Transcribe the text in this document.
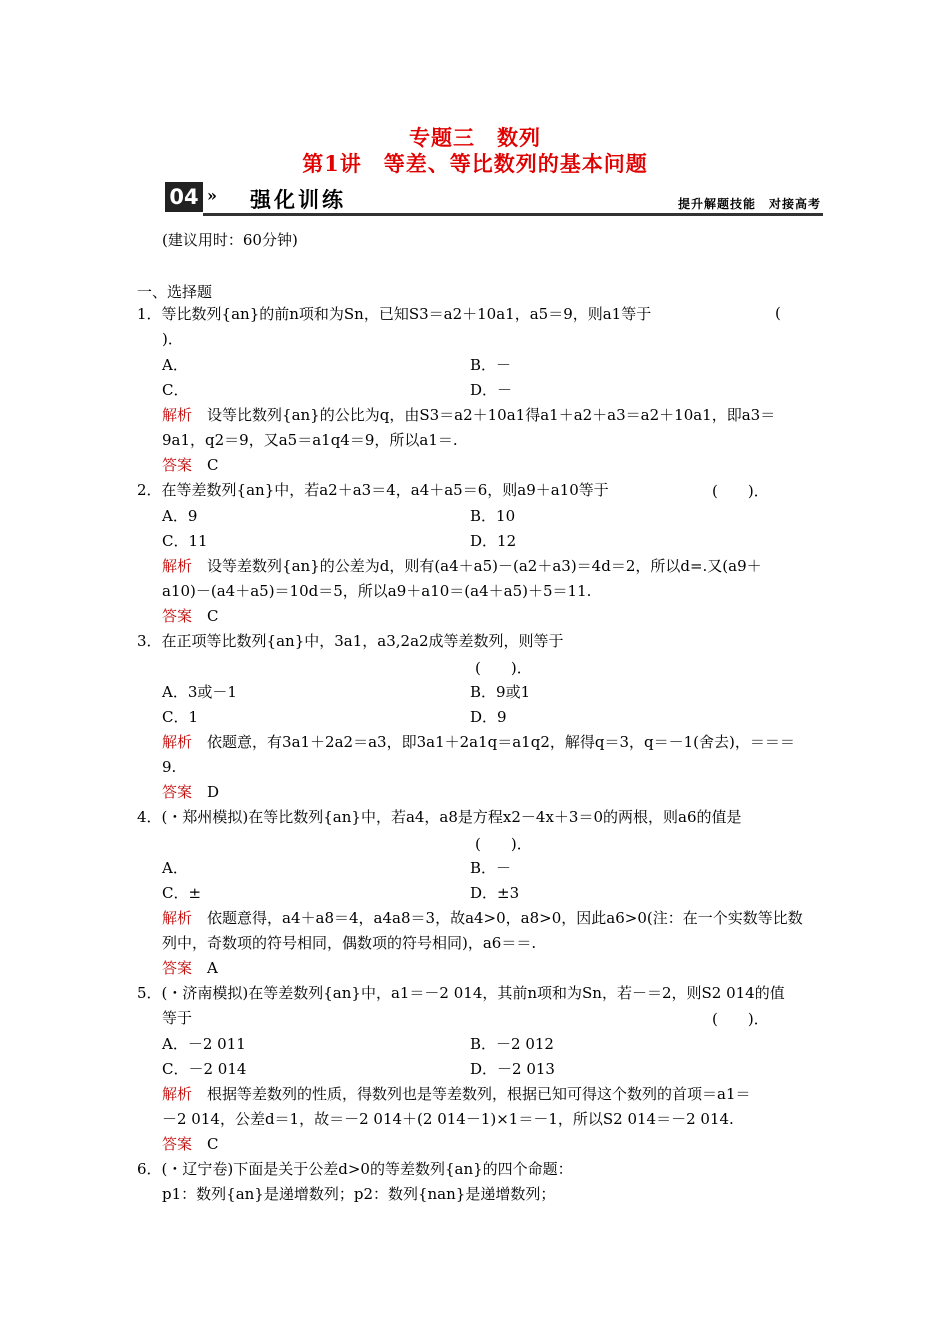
专题三　数列
第1讲　等差、等比数列的基本问题
04 » 强化训练	提升解题技能　对接高考
(建议用时：60分钟)
一、选择题
1．等比数列{an}的前n项和为Sn，已知S3＝a2＋10a1，a5＝9，则a1等于	(
)．
A．	B．－
C．	D．－
解析　 设等比数列{an}的公比为q，由S3＝a2＋10a1得a1＋a2＋a3＝a2＋10a1，即a3＝
9a1，q2＝9，又a5＝a1q4＝9，所以a1＝.
答案　 C
2．在等差数列{an}中，若a2＋a3＝4，a4＋a5＝6，则a9＋a10等于	(　　)．
A．9	B．10
C．11	D．12
解析　 设等差数列{an}的公差为d，则有(a4＋a5)－(a2＋a3)＝4d＝2，所以d=.又(a9＋
a10)－(a4＋a5)＝10d＝5，所以a9＋a10＝(a4＋a5)＋5＝11.
答案　 C
3．在正项等比数列{an}中，3a1，a3,2a2成等差数列，则等于
(　　)．
A．3或－1	B．9或1
C．1	D．9
解析　 依题意，有3a1＋2a2＝a3，即3a1＋2a1q＝a1q2，解得q＝3，q＝－1(舍去)，＝＝＝
9.
答案　 D
4．(・郑州模拟)在等比数列{an}中，若a4，a8是方程x2－4x＋3＝0的两根，则a6的值是
(　　)．
A．	B．－
C．±	D．±3
解析　 依题意得，a4＋a8＝4，a4a8＝3，故a4>0，a8>0，因此a6>0(注：在一个实数等比数
列中，奇数项的符号相同，偶数项的符号相同)，a6＝＝.
答案　 A
5．(・济南模拟)在等差数列{an}中，a1＝－2 014，其前n项和为Sn，若－＝2，则S2 014的值
等于	(　　)．
A．－2 011	B．－2 012
C．－2 014	D．－2 013
解析　 根据等差数列的性质，得数列也是等差数列，根据已知可得这个数列的首项＝a1＝
－2 014，公差d＝1，故＝－2 014＋(2 014－1)×1＝－1，所以S2 014＝－2 014.
答案　 C
6．(・辽宁卷)下面是关于公差d>0的等差数列{an}的四个命题：
p1：数列{an}是递增数列；p2：数列{nan}是递增数列；
